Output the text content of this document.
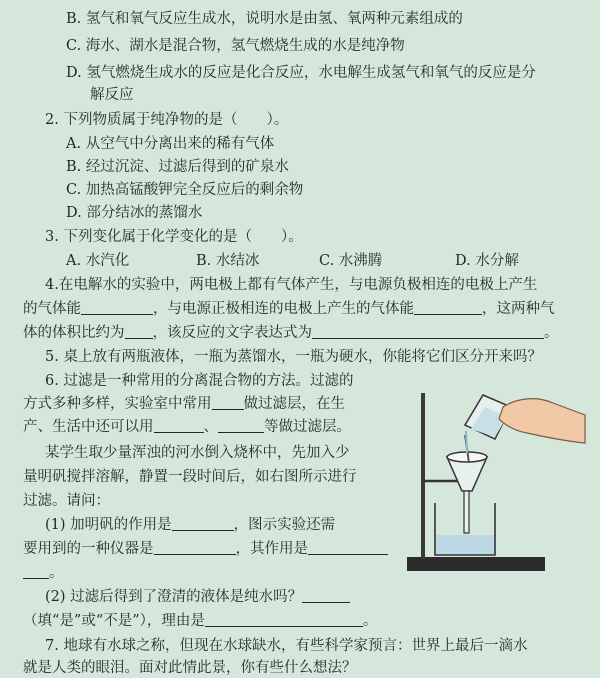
B. 氢气和氧气反应生成水，说明水是由氢、氧两种元素组成的
C. 海水、湖水是混合物，氢气燃烧生成的水是纯净物
D. 氢气燃烧生成水的反应是化合反应，水电解生成氢气和氧气的反应是分
解反应
2. 下列物质属于纯净物的是（　　）。
A. 从空气中分离出来的稀有气体
B. 经过沉淀、过滤后得到的矿泉水
C. 加热高锰酸钾完全反应后的剩余物
D. 部分结冰的蒸馏水
3. 下列变化属于化学变化的是（　　）。
A. 水汽化	B. 水结冰	C. 水沸腾	D. 水分解
4.在电解水的实验中，两电极上都有气体产生，与电源负极相连的电极上产生
的气体能	，与电源正极相连的电极上产生的气体能	，这两种气
体的体积比约为 ，该反应的文字表达式为	。
5. 桌上放有两瓶液体，一瓶为蒸馏水，一瓶为硬水，你能将它们区分开来吗？
6. 过滤是一种常用的分离混合物的方法。过滤的
方式多种多样，实验室中常用 做过滤层，在生
产、生活中还可以用	、	等做过滤层。
某学生取少量浑浊的河水倒入烧杯中，先加入少
量明矾搅拌溶解，静置一段时间后，如右图所示进行
过滤。请问：
(1) 加明矾的作用是	，图示实验还需
要用到的一种仪器是	，其作用是
。
(2) 过滤后得到了澄清的液体是纯水吗？
（填“是”或“不是”），理由是	。
7. 地球有水球之称，但现在水球缺水，有些科学家预言：世界上最后一滴水
就是人类的眼泪。面对此情此景，你有些什么想法？
